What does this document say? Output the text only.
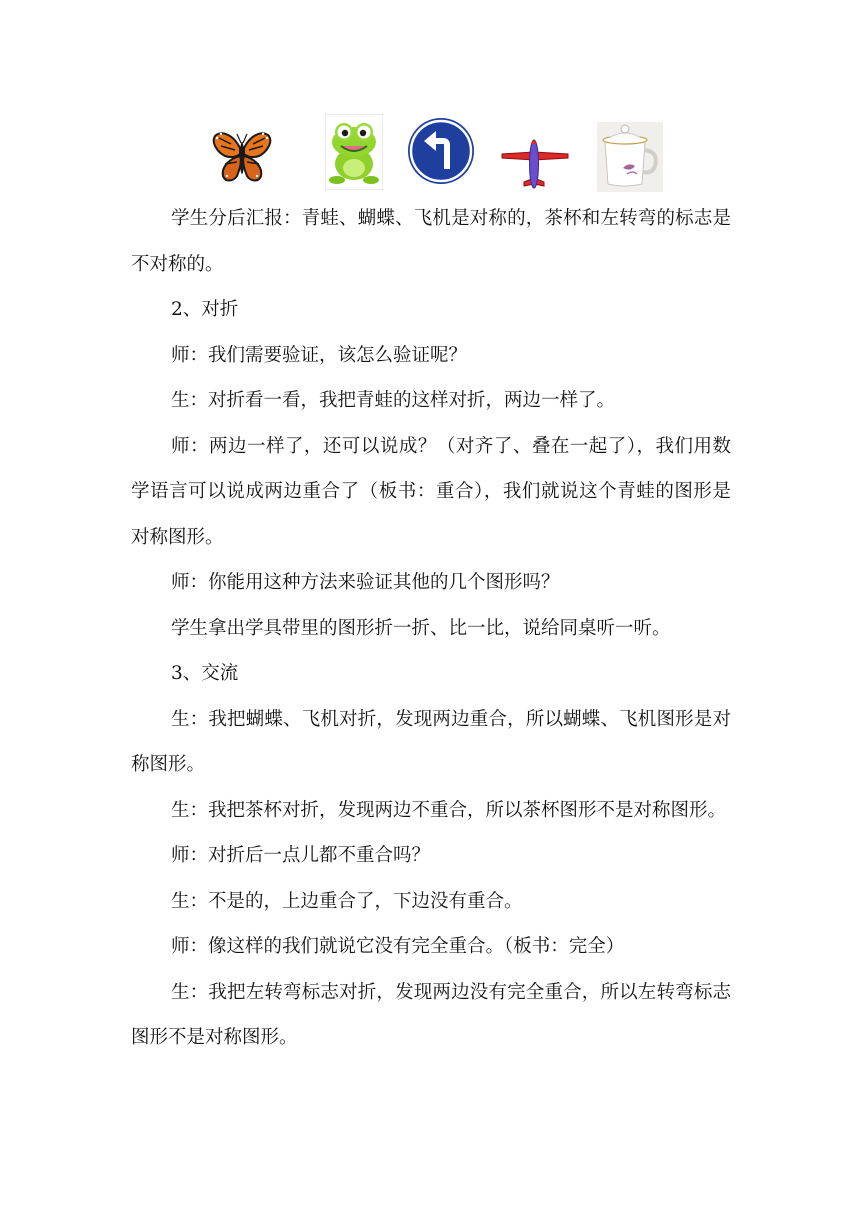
学生分后汇报：青蛙、蝴蝶、飞机是对称的，茶杯和左转弯的标志是不对称的。

2、对折

师：我们需要验证，该怎么验证呢？

生：对折看一看，我把青蛙的这样对折，两边一样了。

师：两边一样了，还可以说成？（对齐了、叠在一起了），我们用数学语言可以说成两边重合了（板书：重合），我们就说这个青蛙的图形是对称图形。

师：你能用这种方法来验证其他的几个图形吗？

学生拿出学具带里的图形折一折、比一比，说给同桌听一听。

3、交流

生：我把蝴蝶、飞机对折，发现两边重合，所以蝴蝶、飞机图形是对称图形。

生：我把茶杯对折，发现两边不重合，所以茶杯图形不是对称图形。

师：对折后一点儿都不重合吗？

生：不是的，上边重合了，下边没有重合。

师：像这样的我们就说它没有完全重合。（板书：完全）

生：我把左转弯标志对折，发现两边没有完全重合，所以左转弯标志图形不是对称图形。
